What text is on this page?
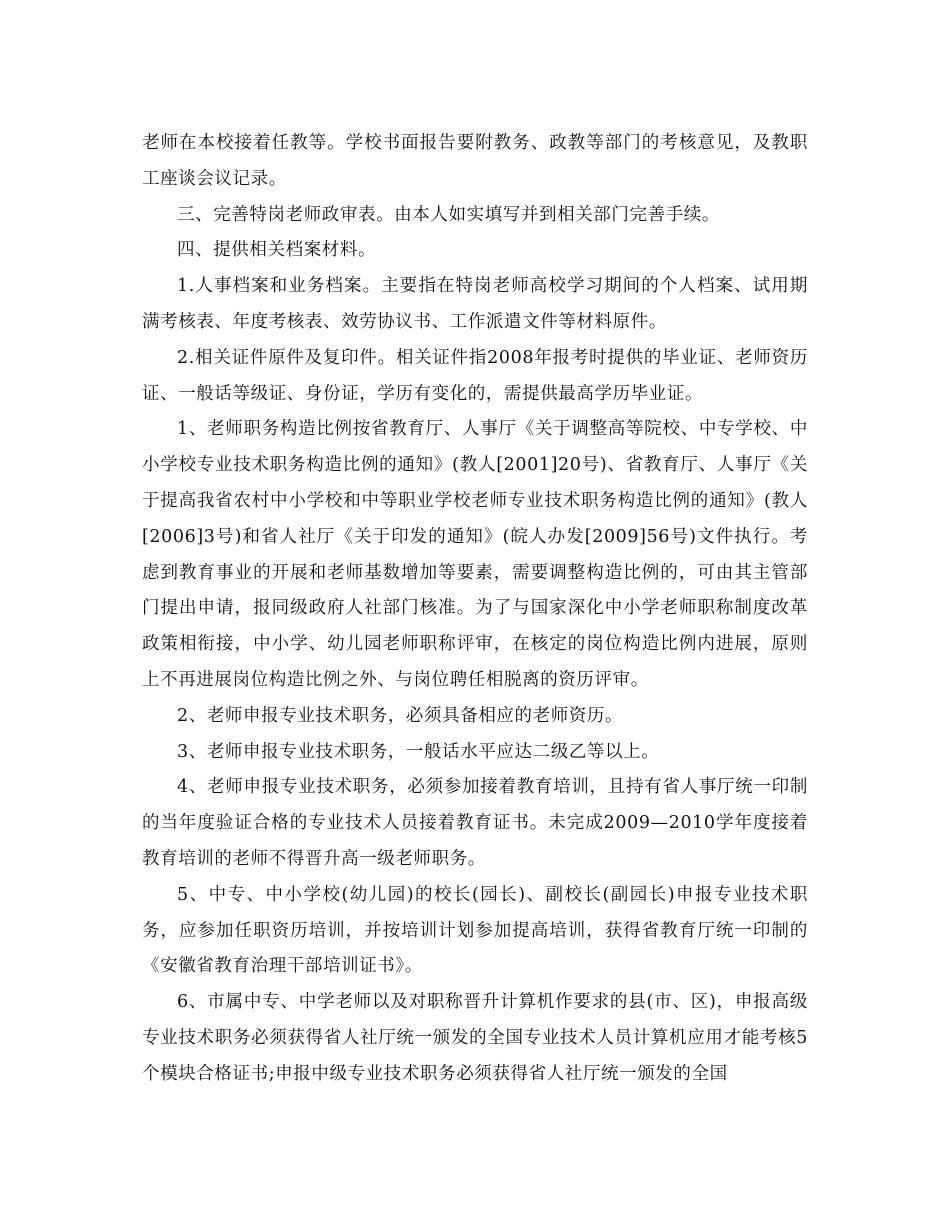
老师在本校接着任教等。学校书面报告要附教务、政教等部门的考核意见，及教职工座谈会议记录。

三、完善特岗老师政审表。由本人如实填写并到相关部门完善手续。

四、提供相关档案材料。

1.人事档案和业务档案。主要指在特岗老师高校学习期间的个人档案、试用期满考核表、年度考核表、效劳协议书、工作派遣文件等材料原件。

2.相关证件原件及复印件。相关证件指2008年报考时提供的毕业证、老师资历证、一般话等级证、身份证，学历有变化的，需提供最高学历毕业证。

1、老师职务构造比例按省教育厅、人事厅《关于调整高等院校、中专学校、中小学校专业技术职务构造比例的通知》(教人[2001]20号)、省教育厅、人事厅《关于提高我省农村中小学校和中等职业学校老师专业技术职务构造比例的通知》(教人[2006]3号)和省人社厅《关于印发的通知》(皖人办发[2009]56号)文件执行。考虑到教育事业的开展和老师基数增加等要素，需要调整构造比例的，可由其主管部门提出申请，报同级政府人社部门核准。为了与国家深化中小学老师职称制度改革政策相衔接，中小学、幼儿园老师职称评审，在核定的岗位构造比例内进展，原则上不再进展岗位构造比例之外、与岗位聘任相脱离的资历评审。

2、老师申报专业技术职务，必须具备相应的老师资历。

3、老师申报专业技术职务，一般话水平应达二级乙等以上。

4、老师申报专业技术职务，必须参加接着教育培训，且持有省人事厅统一印制的当年度验证合格的专业技术人员接着教育证书。未完成2009—2010学年度接着教育培训的老师不得晋升高一级老师职务。

5、中专、中小学校(幼儿园)的校长(园长)、副校长(副园长)申报专业技术职务，应参加任职资历培训，并按培训计划参加提高培训，获得省教育厅统一印制的《安徽省教育治理干部培训证书》。

6、市属中专、中学老师以及对职称晋升计算机作要求的县(市、区)，申报高级专业技术职务必须获得省人社厅统一颁发的全国专业技术人员计算机应用才能考核5个模块合格证书;申报中级专业技术职务必须获得省人社厅统一颁发的全国
